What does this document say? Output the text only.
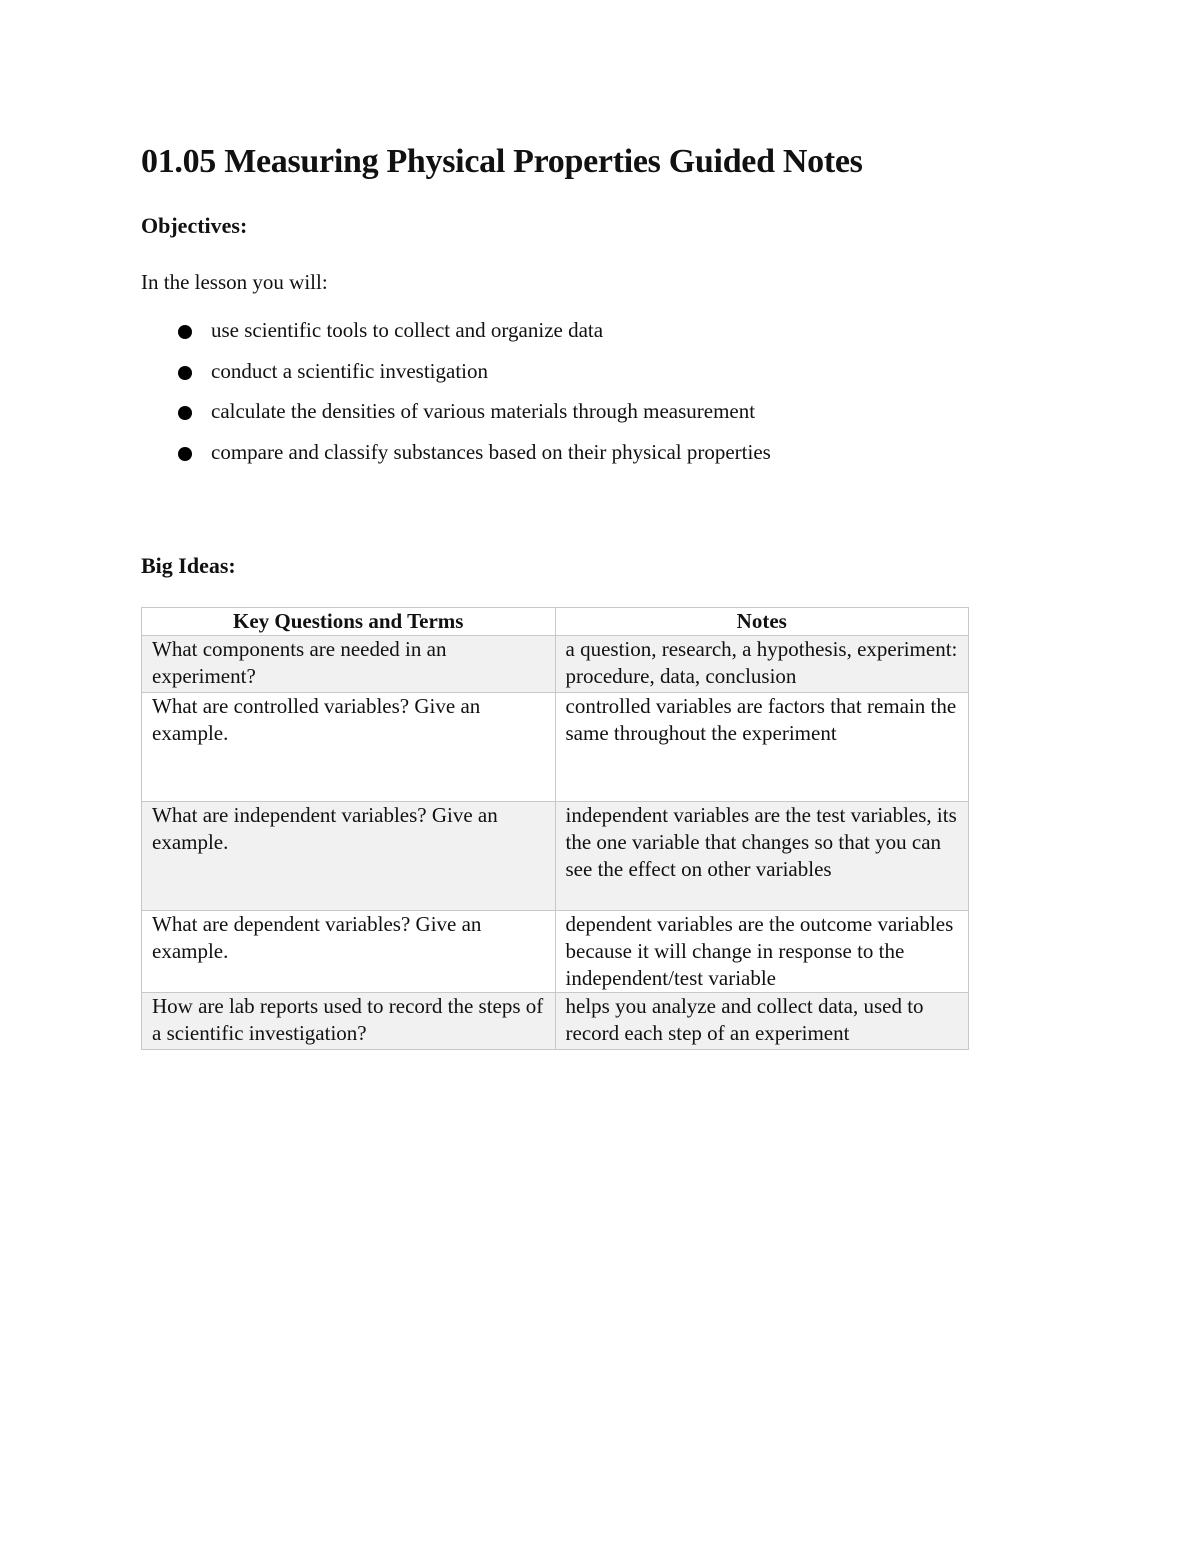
01.05 Measuring Physical Properties Guided Notes
Objectives:

In the lesson you will:

use scientific tools to collect and organize data
conduct a scientific investigation
calculate the densities of various materials through measurement
compare and classify substances based on their physical properties
Big Ideas:
Key Questions and Terms	Notes
What components are needed in an experiment?	a question, research, a hypothesis, experiment: procedure, data, conclusion
What are controlled variables? Give an example.	controlled variables are factors that remain the same throughout the experiment
What are independent variables? Give an example.	independent variables are the test variables, its the one variable that changes so that you can see the effect on other variables
What are dependent variables? Give an example.	dependent variables are the outcome variables because it will change in response to the independent/test variable
How are lab reports used to record the steps of a scientific investigation?	helps you analyze and collect data, used to record each step of an experiment
